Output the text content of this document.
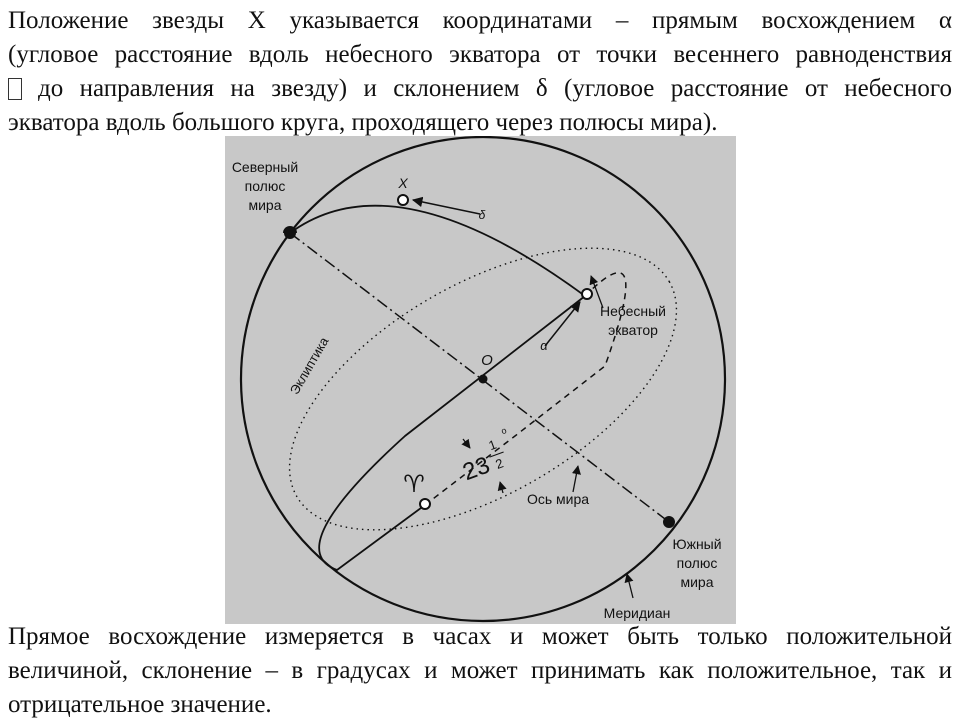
Положение звезды X указывается координатами – прямым восхождением α
(угловое расстояние вдоль небесного экватора от точки весеннего равноденствия
до направления на звезду) и склонением δ (угловое расстояние от небесного
экватора вдоль большого круга, проходящего через полюсы мира).
Северный
полюс
мира
X
δ
Небесный
экватор
O
α
Эклиптика
23
1
2
о
♈
Ось мира
Южный
полюс
мира
Меридиан
Прямое восхождение измеряется в часах и может быть только положительной
величиной, склонение – в градусах и может принимать как положительное, так и
отрицательное значение.
